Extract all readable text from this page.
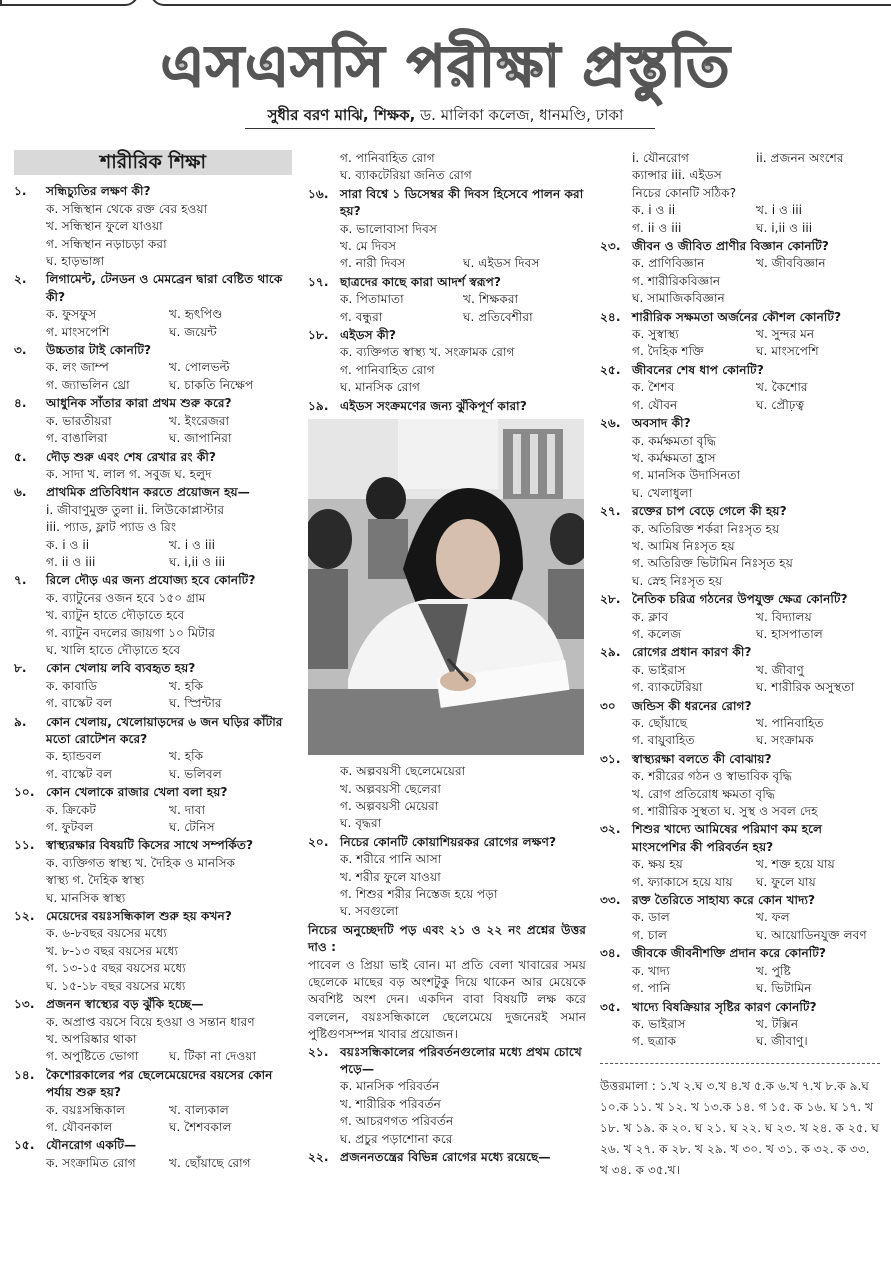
এসএসসি পরীক্ষা প্রস্তুতি
সুধীর বরণ মাঝি, শিক্ষক, ড. মালিকা কলেজ, ধানমণ্ডি, ঢাকা
শারীরিক শিক্ষা
১.	সন্ধিচ্যুতির লক্ষণ কী?
ক. সন্ধিস্থান থেকে রক্ত বের হওয়া
খ. সন্ধিস্থান ফুলে যাওয়া
গ. সন্ধিস্থান নড়াচড়া করা
ঘ. হাড়ভাঙ্গা
২.	লিগামেন্ট, টেনডন ও মেমব্রেন দ্বারা বেষ্টিত থাকে কী?
ক. ফুসফুস	খ. হৃৎপিণ্ড
গ. মাংসপেশি	ঘ. জয়েন্ট
৩.	উচ্চতার টাই কোনটি?
ক. লং জাম্প	খ. পোলভল্ট
গ. জ্যাভলিন থ্রো	ঘ. চাকতি নিক্ষেপ
৪.	আধুনিক সাঁতার কারা প্রথম শুরু করে?
ক. ভারতীয়রা	খ. ইংরেজরা
গ. বাঙালিরা	ঘ. জাপানিরা
৫.	দৌড় শুরু এবং শেষ রেখার রং কী?
ক. সাদা খ. লাল গ. সবুজ ঘ. হলুদ
৬.	প্রাথমিক প্রতিবিধান করতে প্রয়োজন হয়—
i. জীবাণুমুক্ত তুলা ii. লিউকোপ্লাস্টার
iii. প্যাড, ফ্লাট প্যাড ও রিং
ক. i ও ii	খ. i ও iii
গ. ii ও iii	ঘ. i,ii ও iii
৭.	রিলে দৌড় এর জন্য প্রযোজ্য হবে কোনটি?
ক. ব্যাটুনের ওজন হবে ১৫০ গ্রাম
খ. ব্যাটুন হাতে দৌড়াতে হবে
গ. ব্যাটুন বদলের জায়গা ১০ মিটার
ঘ. খালি হাতে দৌড়াতে হবে
৮.	কোন খেলায় লবি ব্যবহৃত হয়?
ক. কাবাডি	খ. হকি
গ. বাস্কেট বল	ঘ. স্প্রিন্টার
৯.	কোন খেলায়, খেলোয়াড়দের ৬ জন ঘড়ির কাঁটার মতো রোটেশন করে?
ক. হ্যান্ডবল	খ. হকি
গ. বাস্কেট বল	ঘ. ভলিবল
১০. কোন খেলাকে রাজার খেলা বলা হয়?
ক. ক্রিকেট	খ. দাবা
গ. ফুটবল	ঘ. টেনিস
১১. স্বাস্থ্যরক্ষার বিষয়টি কিসের সাথে সম্পর্কিত?
ক. ব্যক্তিগত স্বাস্থ্য খ. দৈহিক ও মানসিক
স্বাস্থ্য গ. দৈহিক স্বাস্থ্য
ঘ. মানসিক স্বাস্থ্য
১২. মেয়েদের বয়ঃসন্ধিকাল শুরু হয় কখন?
ক. ৬-৮বছর বয়সের মধ্যে
খ. ৮-১৩ বছর বয়সের মধ্যে
গ. ১৩-১৫ বছর বয়সের মধ্যে
ঘ. ১৫-১৮ বছর বয়সের মধ্যে
১৩. প্রজনন স্বাস্থ্যের বড় ঝুঁকি হচ্ছে—
ক. অপ্রাপ্ত বয়সে বিয়ে হওয়া ও সন্তান ধারণ
খ. অপরিষ্কার থাকা
গ. অপুষ্টিতে ভোগা	ঘ. টিকা না দেওয়া
১৪. কৈশোরকালের পর ছেলেমেয়েদের বয়সের কোন পর্যায় শুরু হয়?
ক. বয়ঃসন্ধিকাল	খ. বাল্যকাল
গ. যৌবনকাল	ঘ. শৈশবকাল
১৫. যৌনরোগ একটি—
ক. সংক্রামিত রোগ	খ. ছোঁয়াছে রোগ
গ. পানিবাহিত রোগ
ঘ. ব্যাকটেরিয়া জনিত রোগ
১৬. সারা বিশ্বে ১ ডিসেম্বর কী দিবস হিসেবে পালন করা হয়?
ক. ভালোবাসা দিবস
খ. মে দিবস
গ. নারী দিবস	ঘ. এইডস দিবস
১৭. ছাত্রদের কাছে কারা আদর্শ স্বরূপ?
ক. পিতামাতা	খ. শিক্ষকরা
গ. বন্ধুরা	ঘ. প্রতিবেশীরা
১৮. এইডস কী?
ক. ব্যক্তিগত স্বাস্থ্য খ. সংক্রামক রোগ
গ. পানিবাহিত রোগ
ঘ. মানসিক রোগ
১৯. এইডস সংক্রমণের জন্য ঝুঁকিপূর্ণ কারা?
ক. অল্পবয়সী ছেলেমেয়েরা
খ. অল্পবয়সী ছেলেরা
গ. অল্পবয়সী মেয়েরা
ঘ. বৃদ্ধরা
২০. নিচের কোনটি কোয়াশিয়রকর রোগের লক্ষণ?
ক. শরীরে পানি আসা
খ. শরীর ফুলে যাওয়া
গ. শিশুর শরীর নিস্তেজ হয়ে পড়া
ঘ. সবগুলো
নিচের অনুচ্ছেদটি পড় এবং ২১ ও ২২ নং প্রশ্নের উত্তর দাও :
পাবেল ও প্রিয়া ভাই বোন। মা প্রতি বেলা খাবারের সময় ছেলেকে মাছের বড় অংশটুকু দিয়ে থাকেন আর মেয়েকে অবশিষ্ট অংশ দেন। একদিন বাবা বিষয়টি লক্ষ করে বললেন, বয়ঃসন্ধিকালে ছেলেমেয়ে দুজনেরই সমান পুষ্টিগুণসম্পন্ন খাবার প্রয়োজন।
২১. বয়ঃসন্ধিকালের পরিবর্তনগুলোর মধ্যে প্রথম চোখে পড়ে—
ক. মানসিক পরিবর্তন
খ. শারীরিক পরিবর্তন
গ. আচরণগত পরিবর্তন
ঘ. প্রচুর পড়াশোনা করে
২২. প্রজননতন্ত্রের বিভিন্ন রোগের মধ্যে রয়েছে—
i. যৌনরোগ	ii. প্রজনন অংশের
ক্যান্সার iii. এইডস
নিচের কোনটি সঠিক?
ক. i ও ii	খ. i ও iii
গ. ii ও iii	ঘ. i,ii ও iii
২৩. জীবন ও জীবিত প্রাণীর বিজ্ঞান কোনটি?
ক. প্রাণিবিজ্ঞান	খ. জীববিজ্ঞান
গ. শারীরিকবিজ্ঞান
ঘ. সামাজিকবিজ্ঞান
২৪. শারীরিক সক্ষমতা অর্জনের কৌশল কোনটি?
ক. সুস্বাস্থ্য	খ. সুন্দর মন
গ. দৈহিক শক্তি	ঘ. মাংসপেশি
২৫. জীবনের শেষ ধাপ কোনটি?
ক. শৈশব	খ. কৈশোর
গ. যৌবন	ঘ. প্রৌঢ়ত্ব
২৬. অবসাদ কী?
ক. কর্মক্ষমতা বৃদ্ধি
খ. কর্মক্ষমতা হ্রাস
গ. মানসিক উদাসিনতা
ঘ. খেলাধুলা
২৭. রক্তের চাপ বেড়ে গেলে কী হয়?
ক. অতিরিক্ত শর্করা নিঃসৃত হয়
খ. আমিষ নিঃসৃত হয়
গ. অতিরিক্ত ভিটামিন নিঃসৃত হয়
ঘ. স্নেহ নিঃসৃত হয়
২৮. নৈতিক চরিত্র গঠনের উপযুক্ত ক্ষেত্র কোনটি?
ক. ক্লাব	খ. বিদ্যালয়
গ. কলেজ	ঘ. হাসপাতাল
২৯. রোগের প্রধান কারণ কী?
ক. ভাইরাস	খ. জীবাণু
গ. ব্যাকটেরিয়া	ঘ. শারীরিক অসুস্থতা
৩০	জন্ডিস কী ধরনের রোগ?
ক. ছোঁয়াছে	খ. পানিবাহিত
গ. বায়ুবাহিত	ঘ. সংক্রামক
৩১. স্বাস্থ্যরক্ষা বলতে কী বোঝায়?
ক. শরীরের গঠন ও স্বাভাবিক বৃদ্ধি
খ. রোগ প্রতিরোধ ক্ষমতা বৃদ্ধি
গ. শারীরিক সুস্থতা ঘ. সুস্থ ও সবল দেহ
৩২. শিশুর খাদ্যে আমিষের পরিমাণ কম হলে মাংসপেশির কী পরিবর্তন হয়?
ক. ক্ষয় হয়	খ. শক্ত হয়ে যায়
গ. ফ্যাকাসে হয়ে যায়	ঘ. ফুলে যায়
৩৩. রক্ত তৈরিতে সাহায্য করে কোন খাদ্য?
ক. ডাল	খ. ফল
গ. চাল	ঘ. আয়োডিনযুক্ত লবণ
৩৪. জীবকে জীবনীশক্তি প্রদান করে কোনটি?
ক. খাদ্য	খ. পুষ্টি
গ. পানি	ঘ. ভিটামিন
৩৫. খাদ্যে বিষক্রিয়ার সৃষ্টির কারণ কোনটি?
ক. ভাইরাস	খ. টক্সিন
গ. ছত্রাক	ঘ. জীবাণু।
উত্তরমালা : ১.খ ২.ঘ ৩.খ ৪.খ ৫.ক ৬.খ ৭.খ ৮.ক ৯.ঘ ১০.ক ১১. খ ১২. খ ১৩.ক ১৪. গ ১৫. ক ১৬. ঘ ১৭. খ ১৮. খ ১৯. ক ২০. ঘ ২১. ঘ ২২. ঘ ২৩. খ ২৪. ক ২৫. ঘ ২৬. খ ২৭. ক ২৮. খ ২৯. খ ৩০. খ ৩১. ক ৩২. ক ৩৩. খ ৩৪. ক ৩৫.খ।
